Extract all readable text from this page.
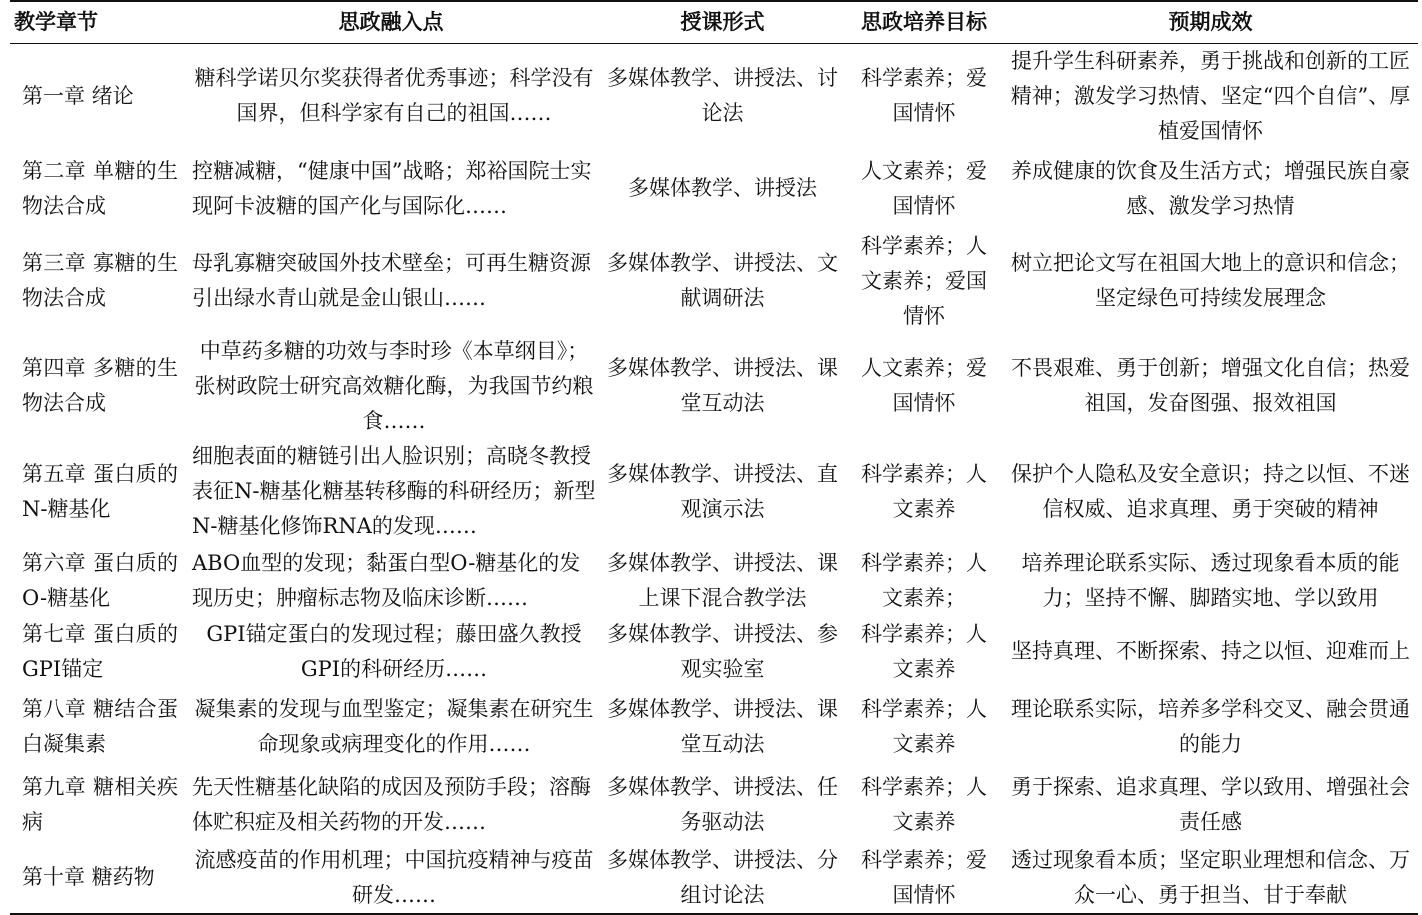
教学章节	思政融入点	授课形式	思政培养目标	预期成效
第一章 绪论	糖科学诺贝尔奖获得者优秀事迹；科学没有国界，但科学家有自己的祖国……	多媒体教学、讲授法、讨论法	科学素养；爱国情怀	提升学生科研素养，勇于挑战和创新的工匠精神；激发学习热情、坚定“四个自信”、厚植爱国情怀
第二章 单糖的生物法合成	控糖减糖，“健康中国”战略；郑裕国院士实现阿卡波糖的国产化与国际化……	多媒体教学、讲授法	人文素养；爱国情怀	养成健康的饮食及生活方式；增强民族自豪感、激发学习热情
第三章 寡糖的生物法合成	母乳寡糖突破国外技术壁垒；可再生糖资源引出绿水青山就是金山银山……	多媒体教学、讲授法、文献调研法	科学素养；人文素养；爱国情怀	树立把论文写在祖国大地上的意识和信念；坚定绿色可持续发展理念
第四章 多糖的生物法合成	中草药多糖的功效与李时珍《本草纲目》；张树政院士研究高效糖化酶，为我国节约粮食……	多媒体教学、讲授法、课堂互动法	人文素养；爱国情怀	不畏艰难、勇于创新；增强文化自信；热爱祖国，发奋图强、报效祖国
第五章 蛋白质的N-糖基化	细胞表面的糖链引出人脸识别；高晓冬教授表征N-糖基化糖基转移酶的科研经历；新型N-糖基化修饰RNA的发现……	多媒体教学、讲授法、直观演示法	科学素养；人文素养	保护个人隐私及安全意识；持之以恒、不迷信权威、追求真理、勇于突破的精神
第六章 蛋白质的O-糖基化	ABO血型的发现；黏蛋白型O-糖基化的发现历史；肿瘤标志物及临床诊断……	多媒体教学、讲授法、课上课下混合教学法	科学素养；人文素养；	培养理论联系实际、透过现象看本质的能力；坚持不懈、脚踏实地、学以致用
第七章 蛋白质的GPI锚定	GPI锚定蛋白的发现过程；藤田盛久教授GPI的科研经历……	多媒体教学、讲授法、参观实验室	科学素养；人文素养	坚持真理、不断探索、持之以恒、迎难而上
第八章 糖结合蛋白凝集素	凝集素的发现与血型鉴定；凝集素在研究生命现象或病理变化的作用……	多媒体教学、讲授法、课堂互动法	科学素养；人文素养	理论联系实际，培养多学科交叉、融会贯通的能力
第九章 糖相关疾病	先天性糖基化缺陷的成因及预防手段；溶酶体贮积症及相关药物的开发……	多媒体教学、讲授法、任务驱动法	科学素养；人文素养	勇于探索、追求真理、学以致用、增强社会责任感
第十章 糖药物	流感疫苗的作用机理；中国抗疫精神与疫苗研发……	多媒体教学、讲授法、分组讨论法	科学素养；爱国情怀	透过现象看本质；坚定职业理想和信念、万众一心、勇于担当、甘于奉献
